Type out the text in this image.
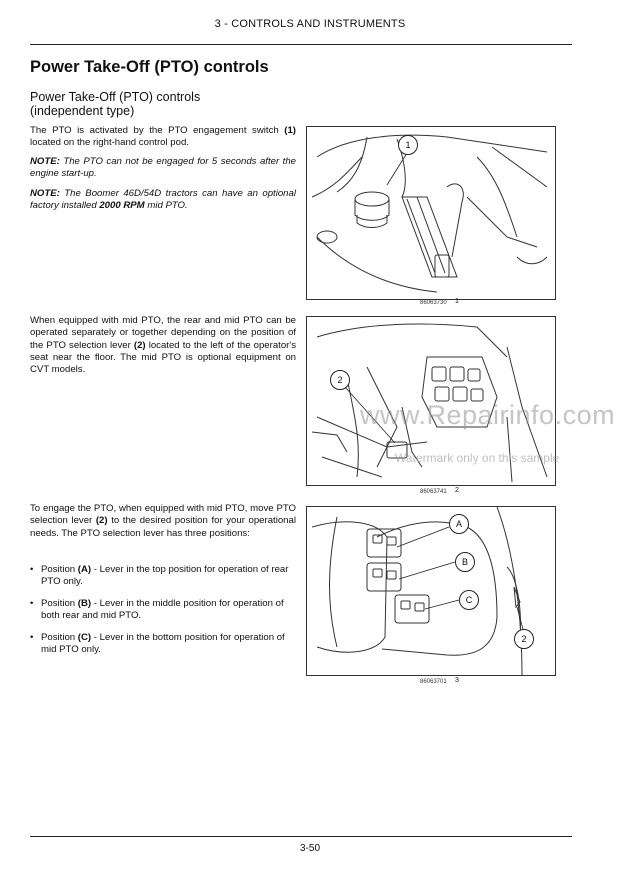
3 - CONTROLS AND INSTRUMENTS
Power Take-Off (PTO) controls
Power Take-Off (PTO) controls
(independent type)
The PTO is activated by the PTO engagement switch (1) located on the right-hand control pod.
NOTE: The PTO can not be engaged for 5 seconds after the engine start-up.
NOTE: The Boomer 46D/54D tractors can have an optional factory installed 2000 RPM mid PTO.
1
86063730 1
When equipped with mid PTO, the rear and mid PTO can be operated separately or together depending on the position of the PTO selection lever (2) located to the left of the operator's seat near the floor. The mid PTO is optional equipment on CVT models.
2
86063741 2
To engage the PTO, when equipped with mid PTO, move PTO selection lever (2) to the desired position for your operational needs. The PTO selection lever has three positions:
• Position (A) - Lever in the top position for operation of rear PTO only.
• Position (B) - Lever in the middle position for operation of both rear and mid PTO.
• Position (C) - Lever in the bottom position for operation of mid PTO only.
A
B
C
2
86063701 3
www.Repairinfo.com
Watermark only on this sample
3-50
